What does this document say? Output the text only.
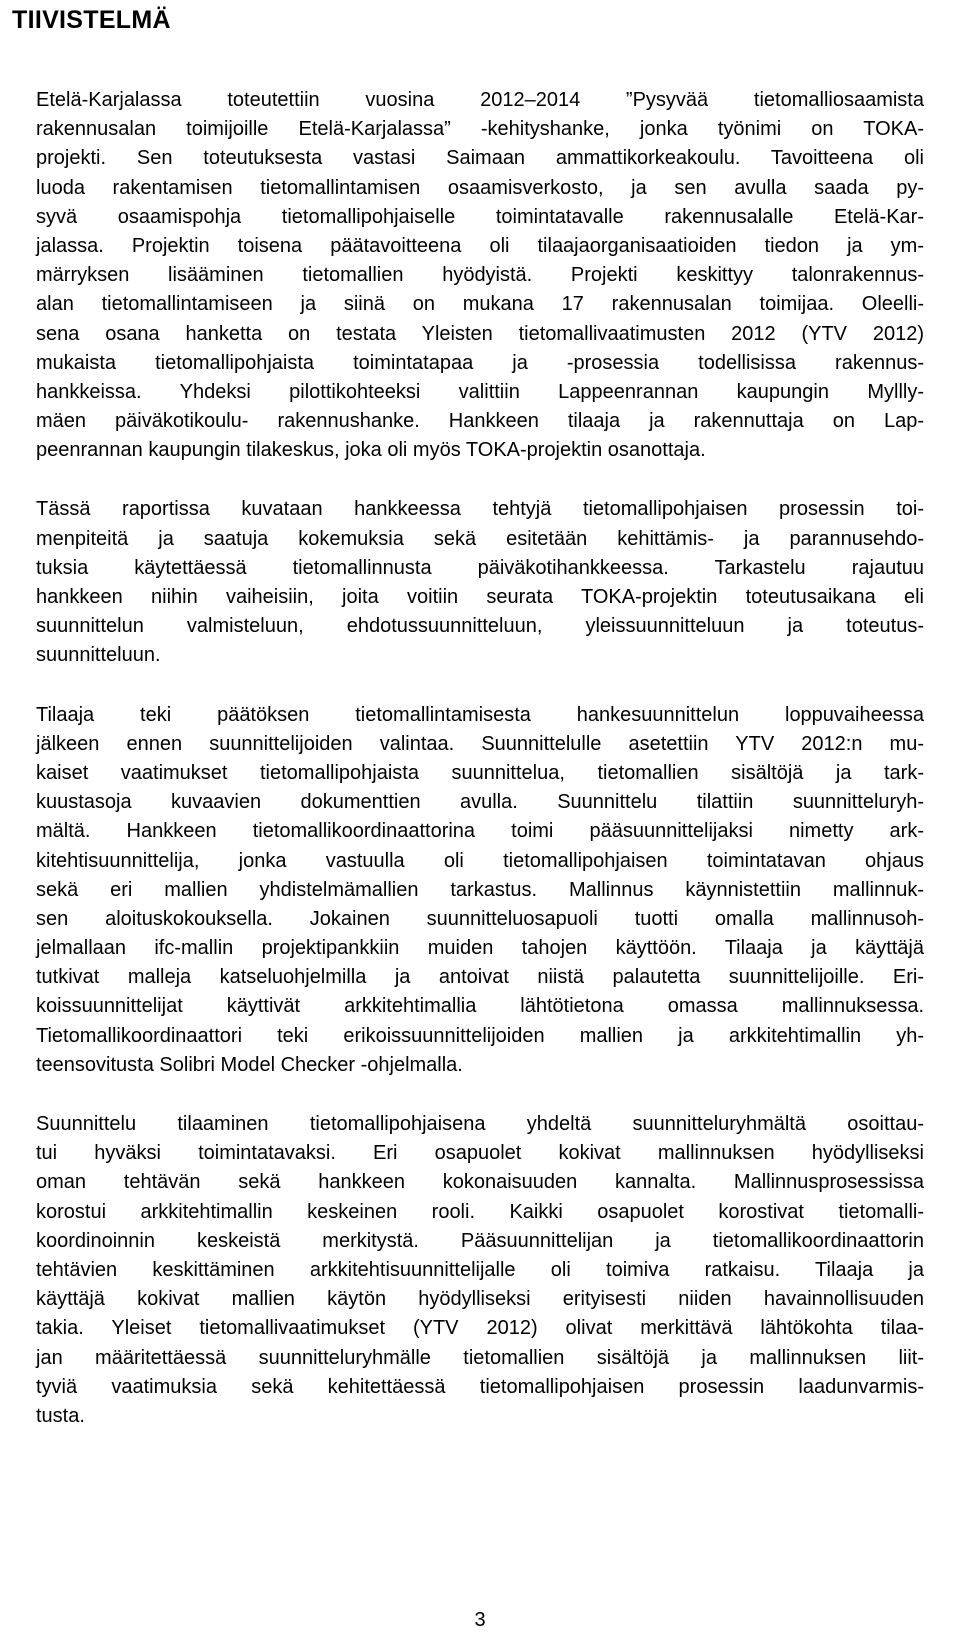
TIIVISTELMÄ

Etelä-Karjalassa toteutettiin vuosina 2012–2014 ”Pysyvää tietomalliosaamista
rakennusalan toimijoille Etelä-Karjalassa” -kehityshanke, jonka työnimi on TOKA-
projekti. Sen toteutuksesta vastasi Saimaan ammattikorkeakoulu. Tavoitteena oli
luoda rakentamisen tietomallintamisen osaamisverkosto, ja sen avulla saada py-
syvä osaamispohja tietomallipohjaiselle toimintatavalle rakennusalalle Etelä-Kar-
jalassa. Projektin toisena päätavoitteena oli tilaajaorganisaatioiden tiedon ja ym-
märryksen lisääminen tietomallien hyödyistä. Projekti keskittyy talonrakennus-
alan tietomallintamiseen ja siinä on mukana 17 rakennusalan toimijaa. Oleelli-
sena osana hanketta on testata Yleisten tietomallivaatimusten 2012 (YTV 2012)
mukaista tietomallipohjaista toimintatapaa ja -prosessia todellisissa rakennus-
hankkeissa. Yhdeksi pilottikohteeksi valittiin Lappeenrannan kaupungin Myllly-
mäen päiväkotikoulu- rakennushanke. Hankkeen tilaaja ja rakennuttaja on Lap-
peenrannan kaupungin tilakeskus, joka oli myös TOKA-projektin osanottaja.

Tässä raportissa kuvataan hankkeessa tehtyjä tietomallipohjaisen prosessin toi-
menpiteitä ja saatuja kokemuksia sekä esitetään kehittämis- ja parannusehdo-
tuksia käytettäessä tietomallinnusta päiväkotihankkeessa. Tarkastelu rajautuu
hankkeen niihin vaiheisiin, joita voitiin seurata TOKA-projektin toteutusaikana eli
suunnittelun valmisteluun, ehdotussuunnitteluun, yleissuunnitteluun ja toteutus-
suunnitteluun.

Tilaaja teki päätöksen tietomallintamisesta hankesuunnittelun loppuvaiheessa
jälkeen ennen suunnittelijoiden valintaa. Suunnittelulle asetettiin YTV 2012:n mu-
kaiset vaatimukset tietomallipohjaista suunnittelua, tietomallien sisältöjä ja tark-
kuustasoja kuvaavien dokumenttien avulla. Suunnittelu tilattiin suunnitteluryh-
mältä. Hankkeen tietomallikoordinaattorina toimi pääsuunnittelijaksi nimetty ark-
kitehtisuunnittelija, jonka vastuulla oli tietomallipohjaisen toimintatavan ohjaus
sekä eri mallien yhdistelmämallien tarkastus. Mallinnus käynnistettiin mallinnuk-
sen aloituskokouksella. Jokainen suunnitteluosapuoli tuotti omalla mallinnusoh-
jelmallaan ifc-mallin projektipankkiin muiden tahojen käyttöön. Tilaaja ja käyttäjä
tutkivat malleja katseluohjelmilla ja antoivat niistä palautetta suunnittelijoille. Eri-
koissuunnittelijat käyttivät arkkitehtimallia lähtötietona omassa mallinnuksessa.
Tietomallikoordinaattori teki erikoissuunnittelijoiden mallien ja arkkitehtimallin yh-
teensovitusta Solibri Model Checker -ohjelmalla.

Suunnittelu tilaaminen tietomallipohjaisena yhdeltä suunnitteluryhmältä osoittau-
tui hyväksi toimintatavaksi. Eri osapuolet kokivat mallinnuksen hyödylliseksi
oman tehtävän sekä hankkeen kokonaisuuden kannalta. Mallinnusprosessissa
korostui arkkitehtimallin keskeinen rooli. Kaikki osapuolet korostivat tietomalli-
koordinoinnin keskeistä merkitystä. Pääsuunnittelijan ja tietomallikoordinaattorin
tehtävien keskittäminen arkkitehtisuunnittelijalle oli toimiva ratkaisu. Tilaaja ja
käyttäjä kokivat mallien käytön hyödylliseksi erityisesti niiden havainnollisuuden
takia. Yleiset tietomallivaatimukset (YTV 2012) olivat merkittävä lähtökohta tilaa-
jan määritettäessä suunnitteluryhmälle tietomallien sisältöjä ja mallinnuksen liit-
tyviä vaatimuksia sekä kehitettäessä tietomallipohjaisen prosessin laadunvarmis-
tusta.

3
